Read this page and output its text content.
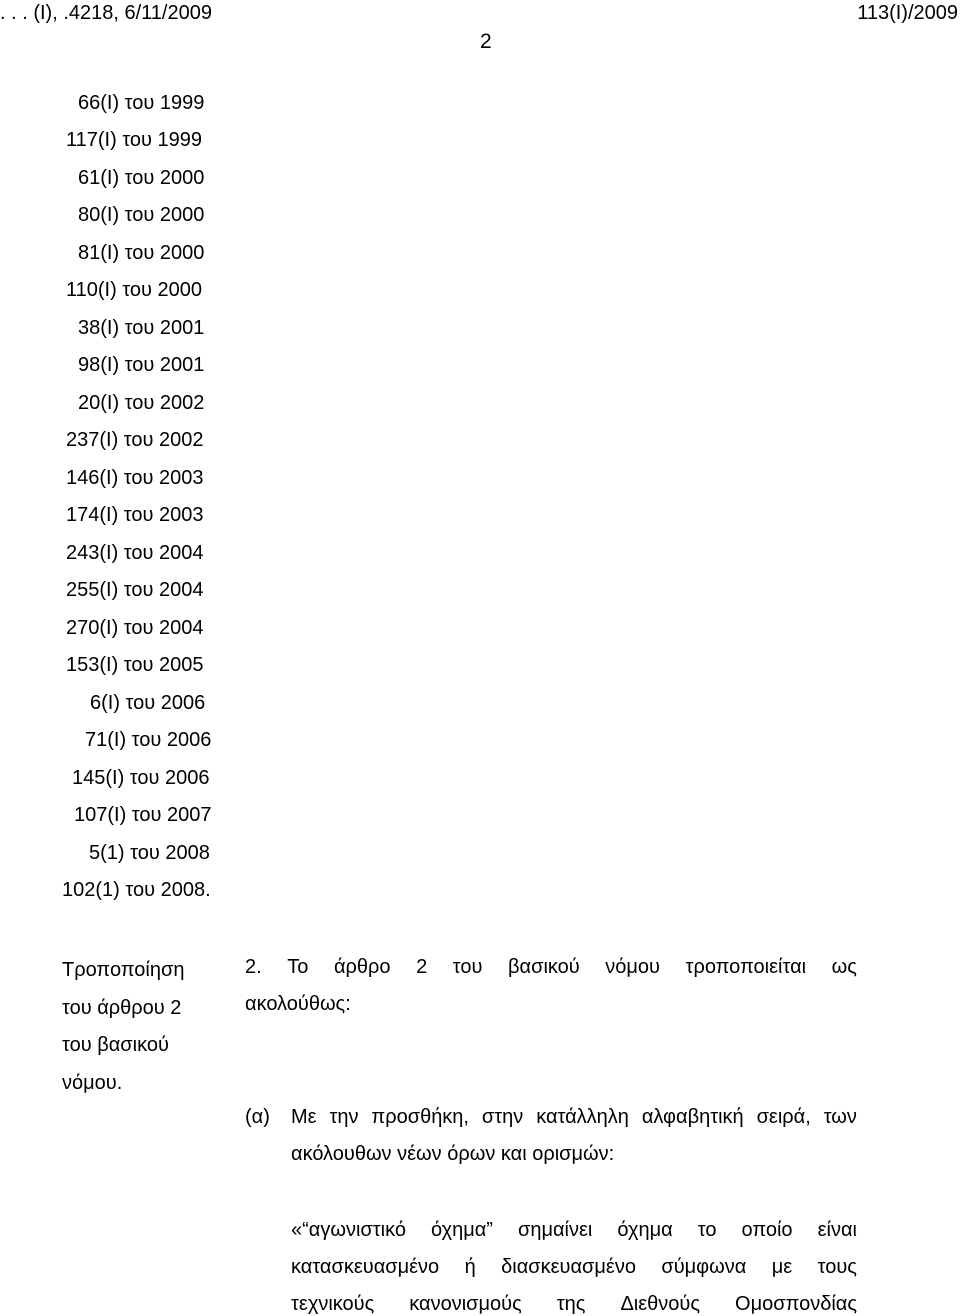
. . . (Ι), .4218, 6/11/2009	113(Ι)/2009
2
66(Ι) του 1999
117(Ι) του 1999
61(Ι) του 2000
80(Ι) του 2000
81(Ι) του 2000
110(Ι) του 2000
38(Ι) του 2001
98(Ι) του 2001
20(Ι) του 2002
237(Ι) του 2002
146(Ι) του 2003
174(Ι) του 2003
243(Ι) του 2004
255(Ι) του 2004
270(Ι) του 2004
153(Ι) του 2005
6(Ι) του 2006
71(Ι) του 2006
145(Ι) του 2006
107(Ι) του 2007
5(1) του 2008
102(1) του 2008.
Τροποποίηση
του άρθρου 2
του βασικού
νόμου.
2. Το άρθρο 2 του βασικού νόμου τροποποιείται ως
ακολούθως:
(α) Με την προσθήκη, στην κατάλληλη αλφαβητική σειρά, των
ακόλουθων νέων όρων και ορισμών:
«“αγωνιστικό όχημα” σημαίνει όχημα το οποίο είναι
κατασκευασμένο ή διασκευασμένο σύμφωνα με τους
τεχνικούς κανονισμούς της Διεθνούς Ομοσπονδίας
